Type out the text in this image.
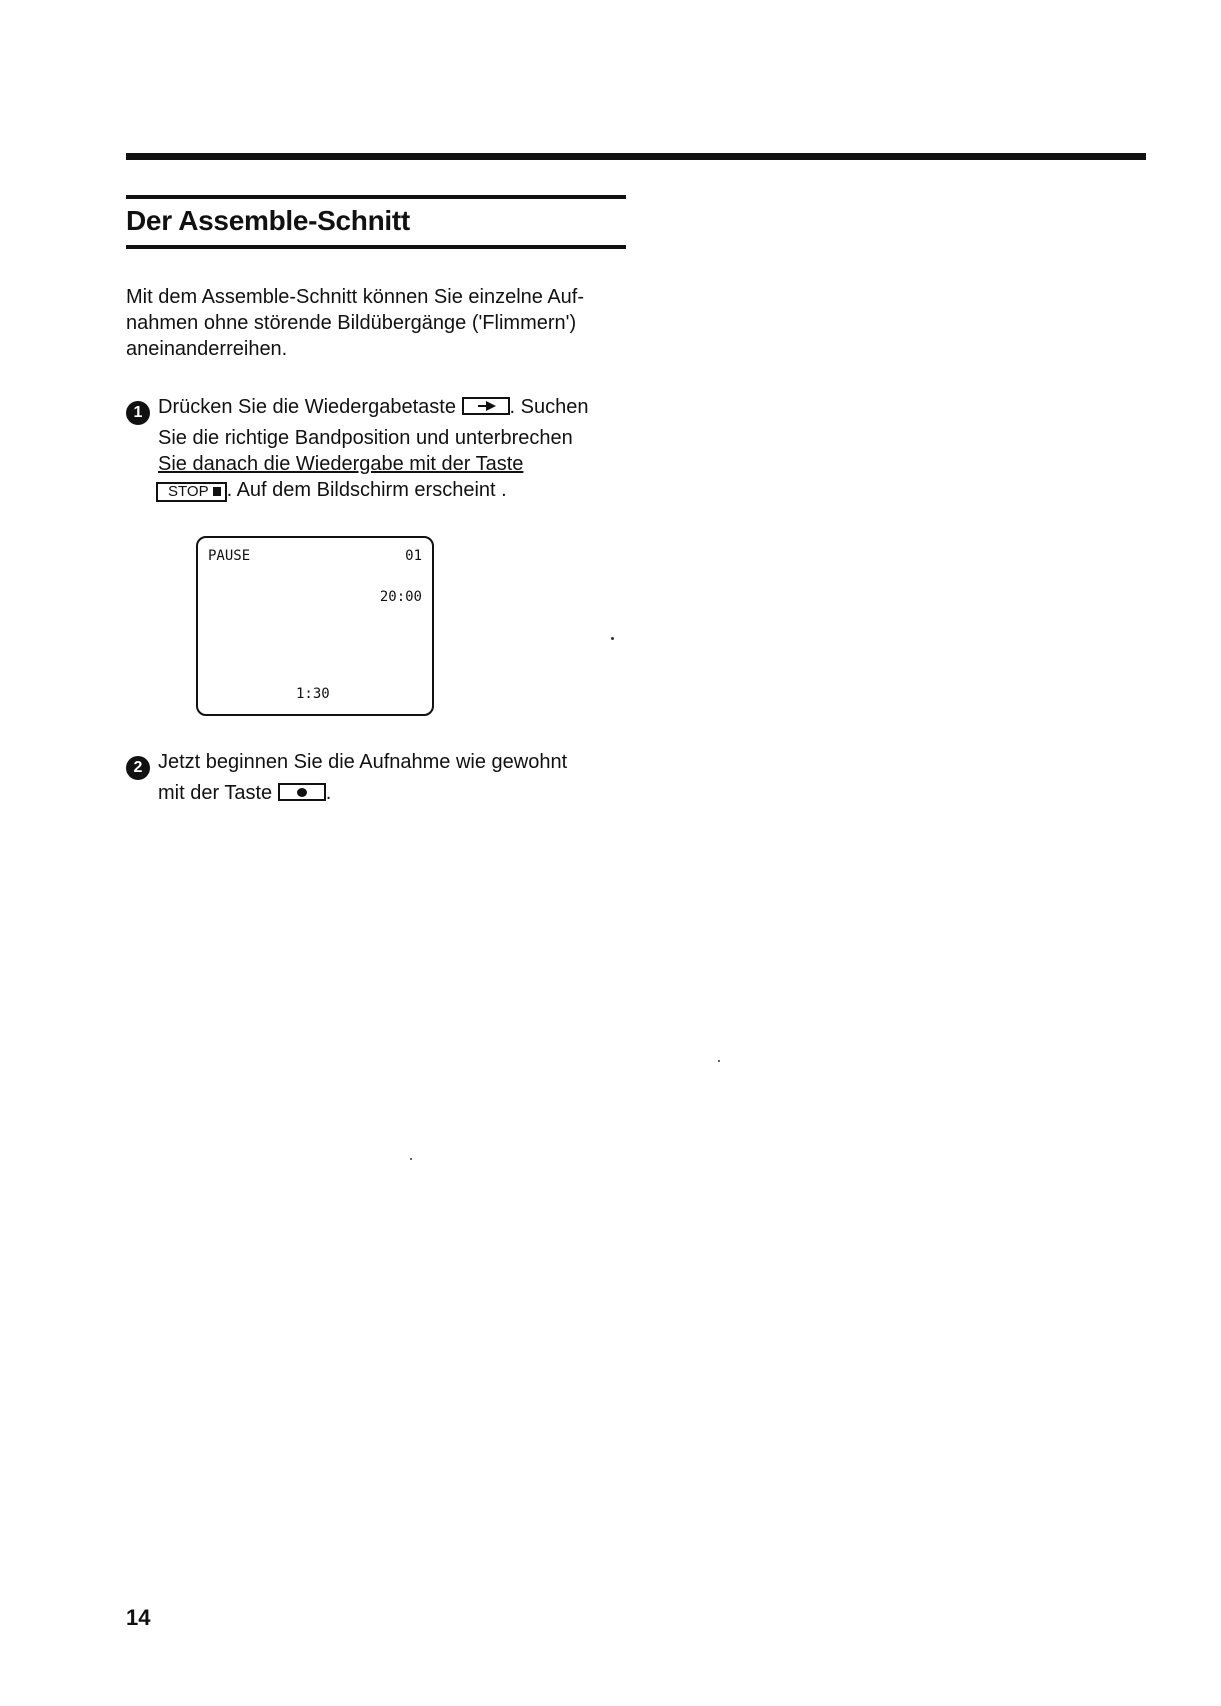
Der Assemble-Schnitt
Mit dem Assemble-Schnitt können Sie einzelne Auf-
nahmen ohne störende Bildübergänge ('Flimmern')
aneinanderreihen.
1 Drücken Sie die Wiedergabetaste	. Suchen
Sie die richtige Bandposition und unterbrechen
Sie danach die Wiedergabe mit der Taste
STOP . Auf dem Bildschirm erscheint .
PAUSE	01
20:00
1:30
2 Jetzt beginnen Sie die Aufnahme wie gewohnt
mit der Taste	.
14
